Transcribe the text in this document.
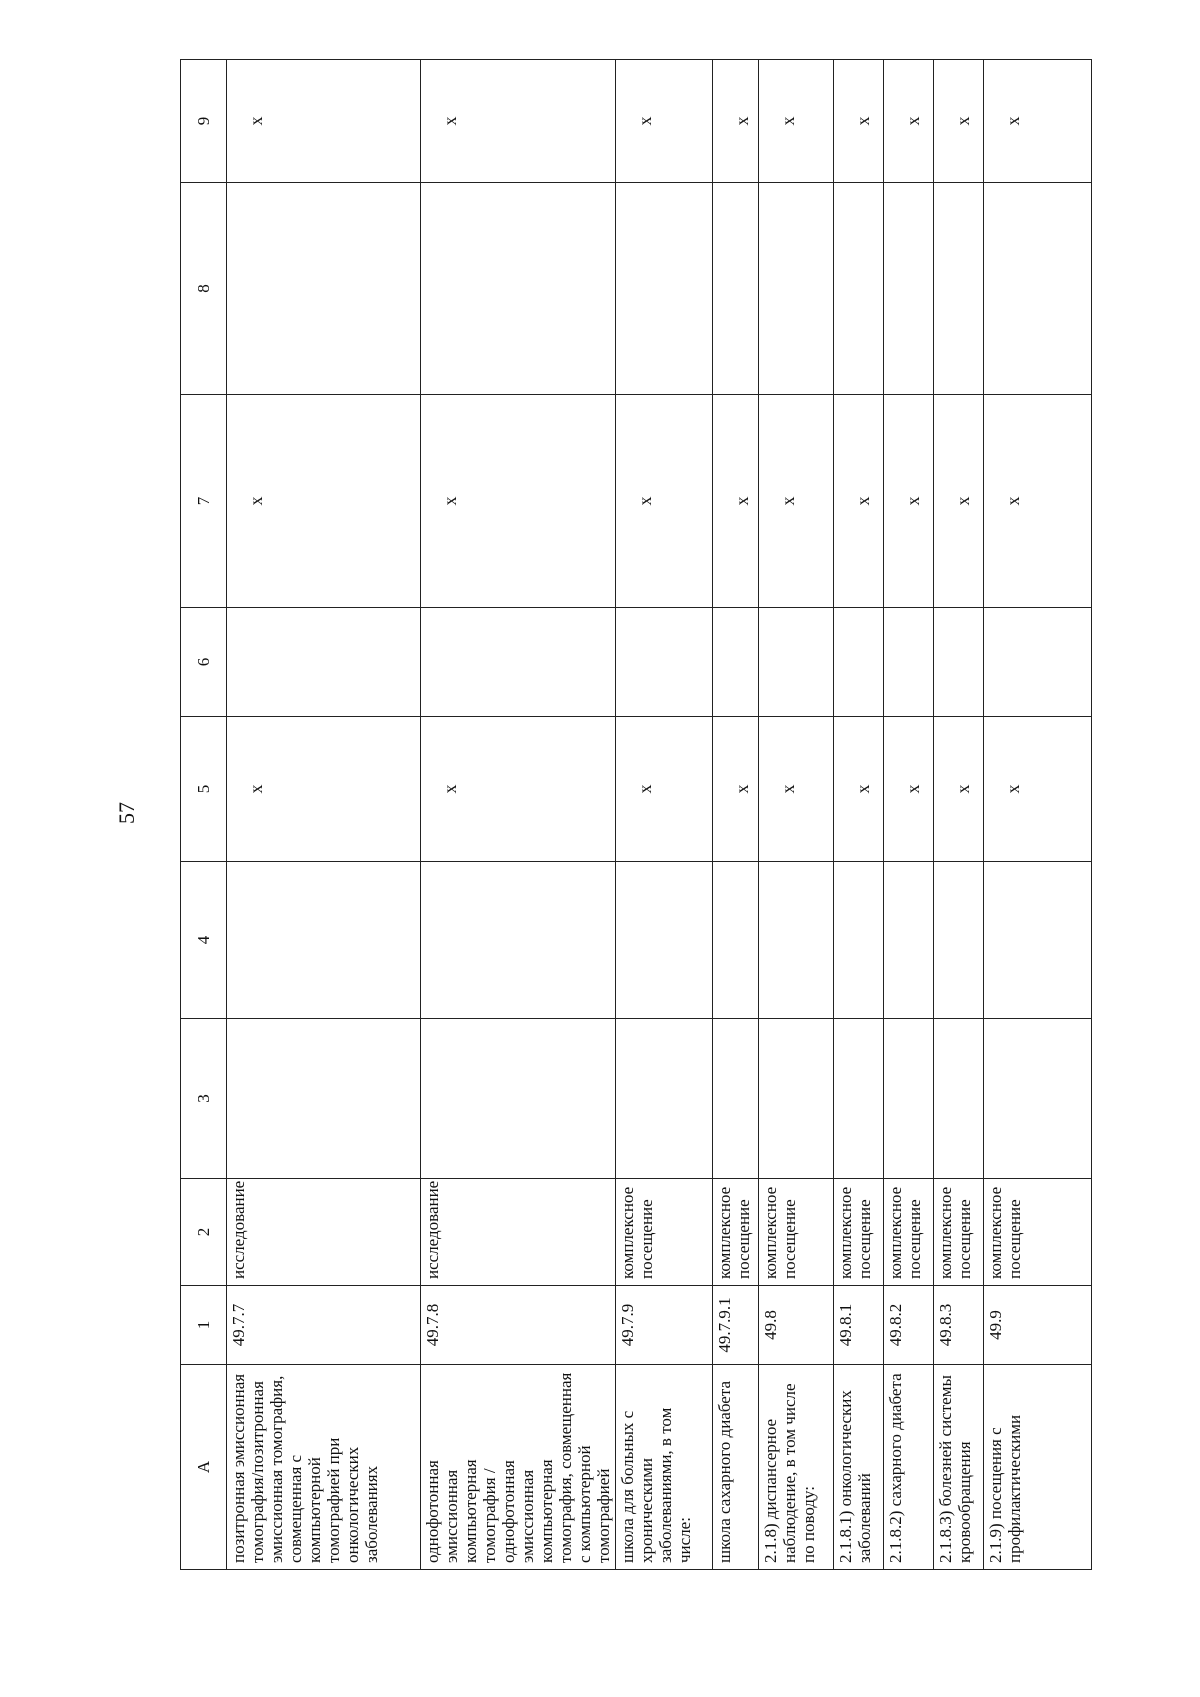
57
А	1	2	3	4	5	6	7	8	9
позитронная эмиссионная томография/позитронная эмиссионная томография, совмещенная с компьютерной томографией при онкологических заболеваниях	49.7.7	исследование			х		х		х
однофотонная эмиссионная компьютерная томография / однофотонная эмиссионная компьютерная томография, совмещенная с компьютерной томографией	49.7.8	исследование			х		х		х
школа для больных с хроническими заболеваниями, в том числе:	49.7.9	комплексное посещение			х		х		х
школа сахарного диабета	49.7.9.1	комплексное посещение			х		х		х
2.1.8) диспансерное наблюдение, в том числе по поводу:	49.8	комплексное посещение			х		х		х
2.1.8.1) онкологических заболеваний	49.8.1	комплексное посещение			х		х		х
2.1.8.2) сахарного диабета	49.8.2	комплексное посещение			х		х		х
2.1.8.3) болезней системы кровообращения	49.8.3	комплексное посещение			х		х		х
2.1.9) посещения с профилактическими	49.9	комплексное посещение			х		х		х
